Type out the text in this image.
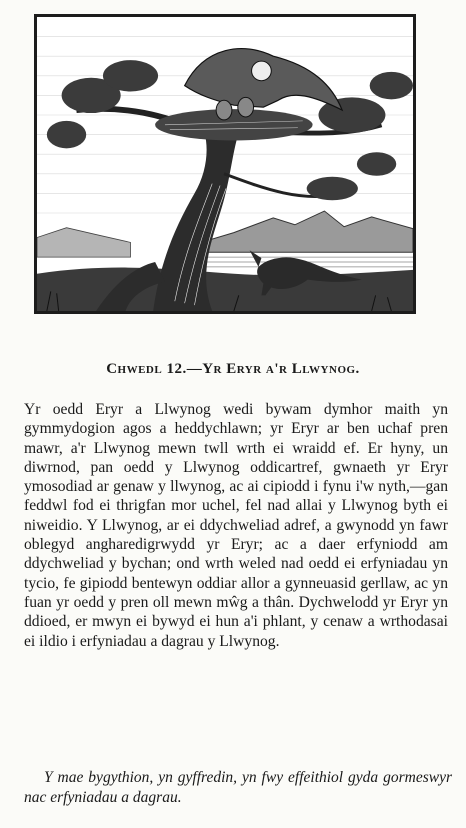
Chwedl 12.—Yr Eryr a'r Llwynog.

Yr oedd Eryr a Llwynog wedi bywam dymhor maith yn gymmydogion agos a heddychlawn; yr Eryr ar ben uchaf pren mawr, a'r Llwynog mewn twll wrth ei wraidd ef. Er hyny, un diwrnod, pan oedd y Llwynog oddicartref, gwnaeth yr Eryr ymosodiad ar genaw y llwynog, ac ai cipiodd i fynu i'w nyth,—gan feddwl fod ei thrigfan mor uchel, fel nad allai y Llwynog byth ei niweidio. Y Llwynog, ar ei ddychweliad adref, a gwynodd yn fawr oblegyd angharedigrwydd yr Eryr; ac a daer erfyniodd am ddychweliad y bychan; ond wrth weled nad oedd ei erfyniadau yn tycio, fe gipiodd bentewyn oddiar allor a gynneuasid gerllaw, ac yn fuan yr oedd y pren oll mewn mŵg a thân. Dychwelodd yr Eryr yn ddioed, er mwyn ei bywyd ei hun a'i phlant, y cenaw a wrthodasai ei ildio i erfyniadau a dagrau y Llwynog.

Y mae bygythion, yn gyffredin, yn fwy effeithiol gyda gormeswyr nac erfyniadau a dagrau.
